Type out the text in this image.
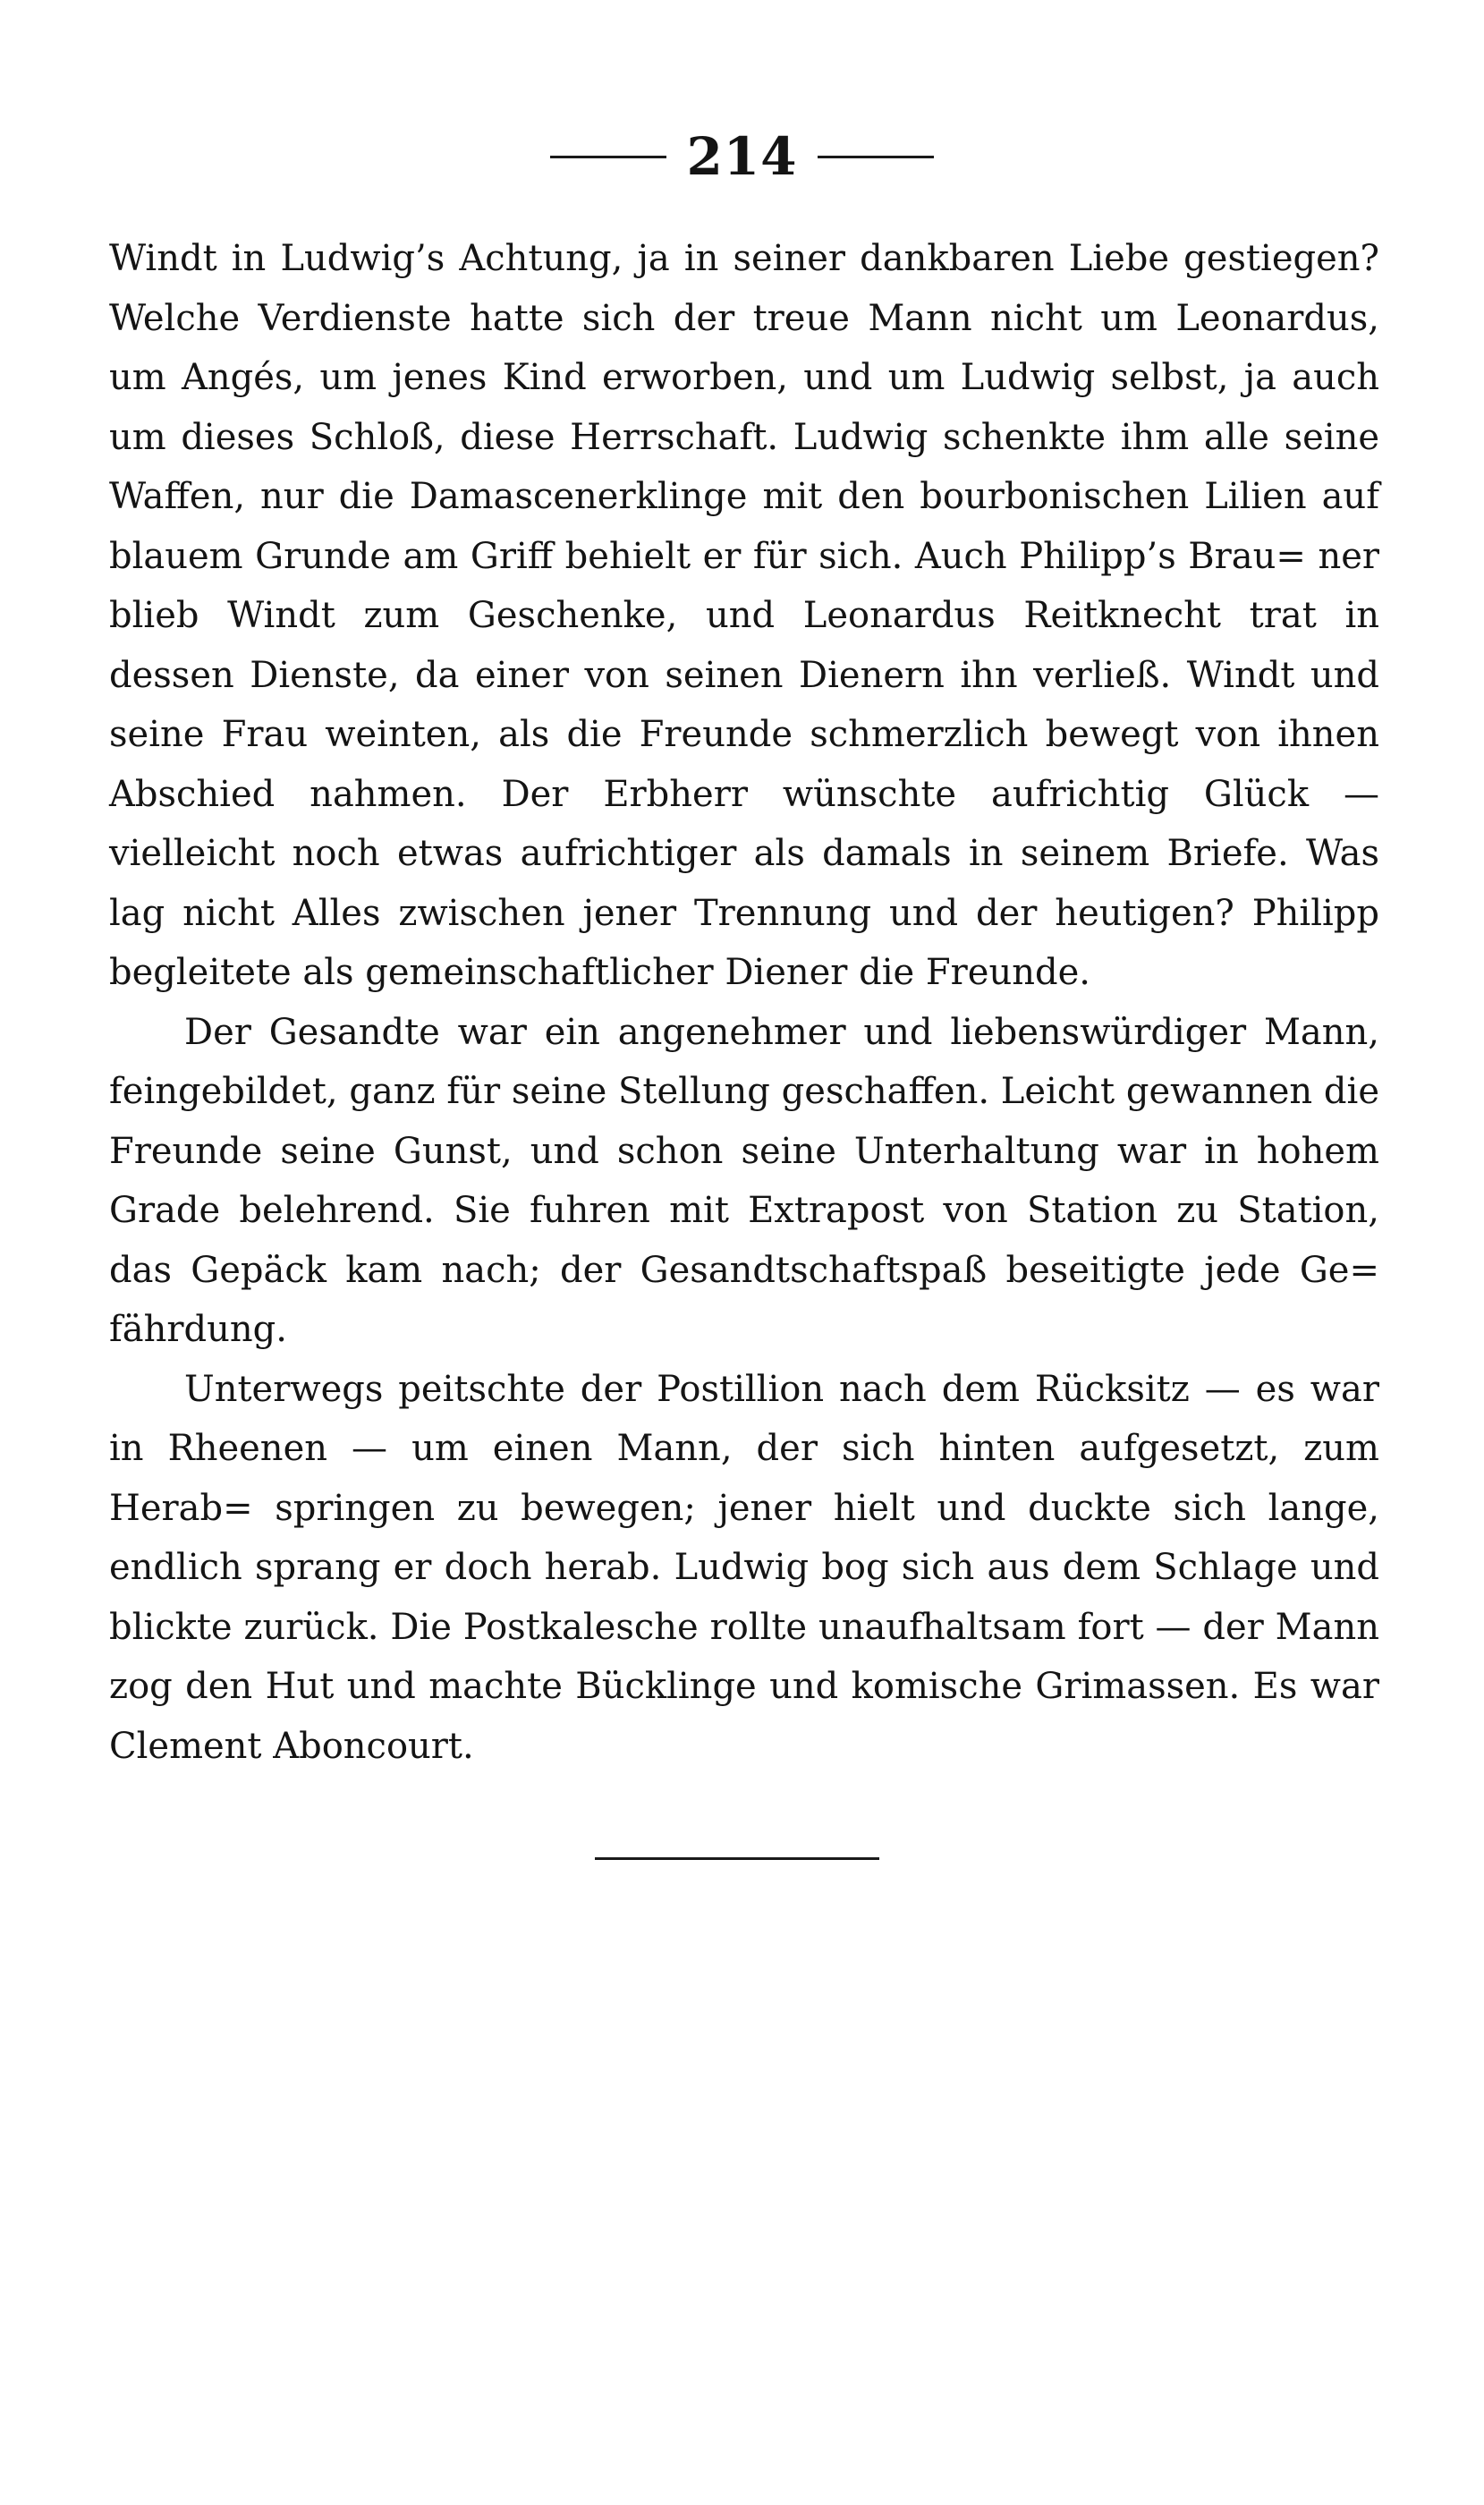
214

Windt in Ludwig’s Achtung, ja in seiner dankbaren Liebe gestiegen? Welche Verdienste hatte sich der treue Mann nicht um Leonardus, um Angés, um jenes Kind erworben, und um Ludwig selbst, ja auch um dieses Schloß, diese Herrschaft. Ludwig schenkte ihm alle seine Waffen, nur die Damascenerklinge mit den bourbonischen Lilien auf blauem Grunde am Griff behielt er für sich. Auch Philipp’s Brau= ner blieb Windt zum Geschenke, und Leonardus Reitknecht trat in dessen Dienste, da einer von seinen Dienern ihn verließ. Windt und seine Frau weinten, als die Freunde schmerzlich bewegt von ihnen Abschied nahmen. Der Erbherr wünschte aufrichtig Glück — vielleicht noch etwas aufrichtiger als damals in seinem Briefe. Was lag nicht Alles zwischen jener Trennung und der heutigen? Philipp begleitete als gemeinschaftlicher Diener die Freunde.

Der Gesandte war ein angenehmer und liebenswürdiger Mann, feingebildet, ganz für seine Stellung geschaffen. Leicht gewannen die Freunde seine Gunst, und schon seine Unterhaltung war in hohem Grade belehrend. Sie fuhren mit Extrapost von Station zu Station, das Gepäck kam nach; der Gesandtschaftspaß beseitigte jede Ge= fährdung.

Unterwegs peitschte der Postillion nach dem Rücksitz — es war in Rheenen — um einen Mann, der sich hinten aufgesetzt, zum Herab= springen zu bewegen; jener hielt und duckte sich lange, endlich sprang er doch herab. Ludwig bog sich aus dem Schlage und blickte zurück. Die Postkalesche rollte unaufhaltsam fort — der Mann zog den Hut und machte Bücklinge und komische Grimassen. Es war Clement Aboncourt.
